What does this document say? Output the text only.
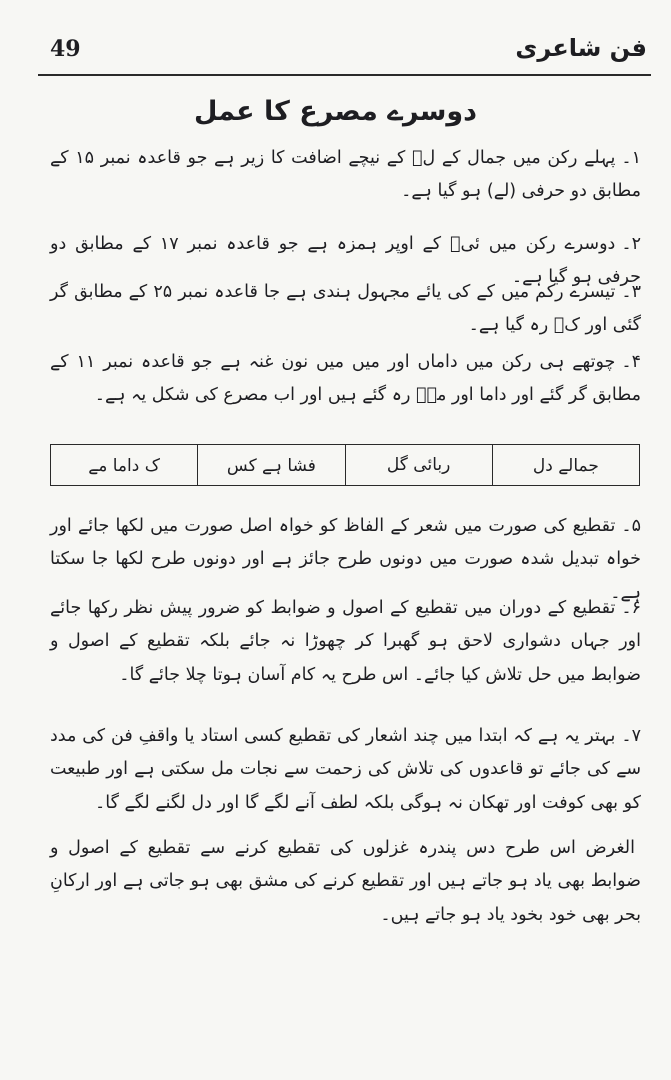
49	فن شاعری
دوسرے مصرع کا عمل
۱۔پہلے رکن میں جمال کے لؔ کے نیچے اضافت کا زیر ہے جو قاعدہ نمبر ۱۵ کے مطابق دو حرفی (لے) ہو گیا ہے۔
۲۔دوسرے رکن میں ئیؔ کے اوپر ہمزہ ہے جو قاعدہ نمبر ۱۷ کے مطابق دو حرفی ہو گیا ہے۔
۳۔تیسرے رکم میں کے کی یائے مجہول ہندی ہے جا قاعدہ نمبر ۲۵ کے مطابق گر گئی اور کؔ رہ گیا ہے۔
۴۔چوتھے ہی رکن میں داماں اور میں میں نون غنہ ہے جو قاعدہ نمبر ۱۱ کے مطابق گر گئے اور داما اور مےؔ رہ گئے ہیں اور اب مصرع کی شکل یہ ہے۔
جمالے دل	ربائی گل	فشا ہے کس	ک داما مے
۵۔تقطیع کی صورت میں شعر کے الفاظ کو خواہ اصل صورت میں لکھا جائے اور خواہ تبدیل شدہ صورت میں دونوں طرح جائز ہے اور دونوں طرح لکھا جا سکتا ہے۔
۶۔تقطیع کے دوران میں تقطیع کے اصول و ضوابط کو ضرور پیش نظر رکھا جائے اور جہاں دشواری لاحق ہو گھبرا کر چھوڑا نہ جائے بلکہ تقطیع کے اصول و ضوابط میں حل تلاش کیا جائے۔ اس طرح یہ کام آسان ہوتا چلا جائے گا۔
۷۔بہتر یہ ہے کہ ابتدا میں چند اشعار کی تقطیع کسی استاد یا واقفِ فن کی مدد سے کی جائے تو قاعدوں کی تلاش کی زحمت سے نجات مل سکتی ہے اور طبیعت کو بھی کوفت اور تھکان نہ ہوگی بلکہ لطف آنے لگے گا اور دل لگنے لگے گا۔
الغرض اس طرح دس پندرہ غزلوں کی تقطیع کرنے سے تقطیع کے اصول و ضوابط بھی یاد ہو جاتے ہیں اور تقطیع کرنے کی مشق بھی ہو جاتی ہے اور ارکانِ بحر بھی خود بخود یاد ہو جاتے ہیں۔
